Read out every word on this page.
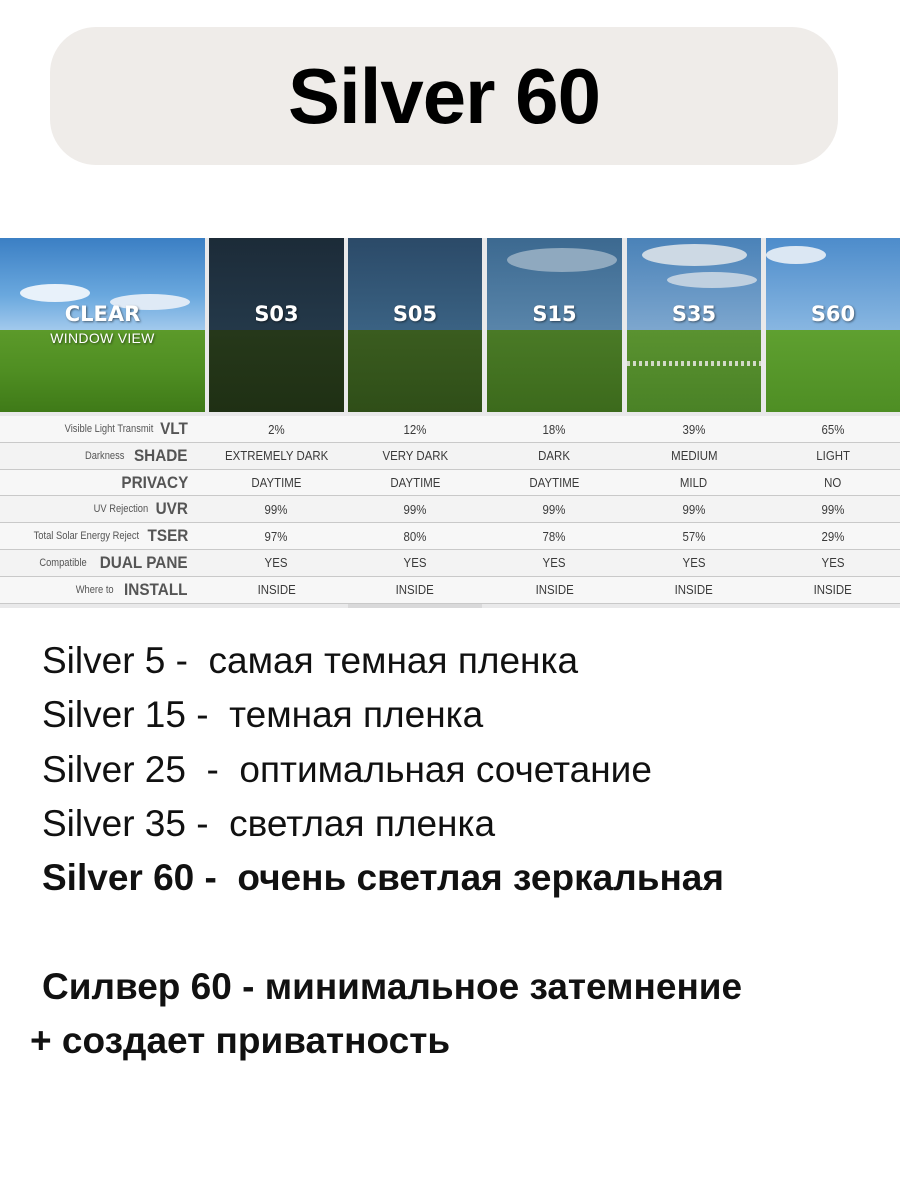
Silver 60
CLEAR
WINDOW VIEW
S03	S05	S15	S35	S60
Visible Light Transmit VLT	2%	12%	18%	39%	65%
Darkness SHADE	EXTREMELY DARK	VERY DARK	DARK	MEDIUM	LIGHT
PRIVACY	DAYTIME	DAYTIME	DAYTIME	MILD	NO
UV Rejection UVR	99%	99%	99%	99%	99%
Total Solar Energy Reject TSER	97%	80%	78%	57%	29%
Compatible DUAL PANE	YES	YES	YES	YES	YES
Where to INSTALL	INSIDE	INSIDE	INSIDE	INSIDE	INSIDE
Silver 5 -  самая темная пленка
Silver 15 -  темная пленка
Silver 25  -  оптимальная сочетание
Silver 35 -  светлая пленка
Silver 60 -  очень светлая зеркальная
Силвер 60 - минимальное затемнение
+ создает приватность
